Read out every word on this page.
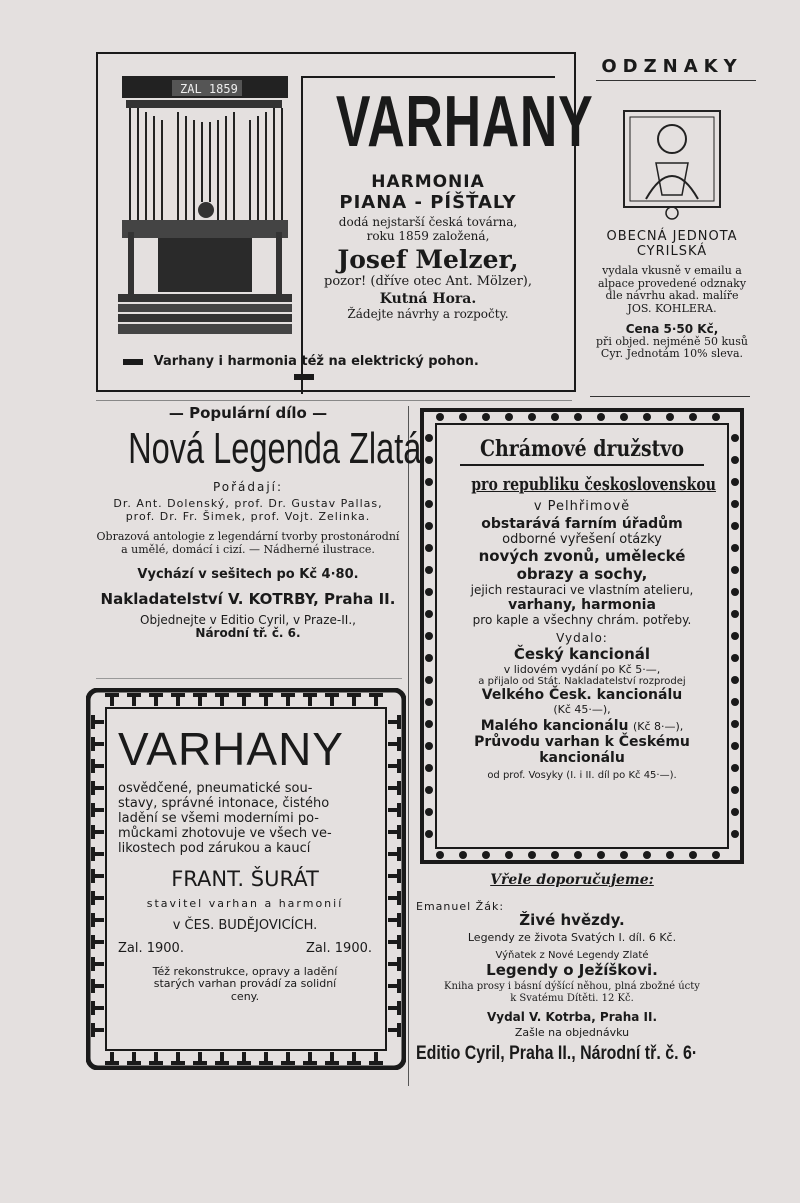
ZAL 1859 VARHANY
HARMONIA
PIANA - PÍŠŤALY
dodá nejstarší česká továrna,
roku 1859 založená,
Josef Melzer,
pozor! (dříve otec Ant. Mölzer),
Kutná Hora.
Žádejte návrhy a rozpočty.
Varhany i harmonia též na elektrický pohon.
ODZNAKY
OBECNÁ JEDNOTA
CYRILSKÁ
vydala vkusně v emailu a
alpace provedené odznaky
dle návrhu akad. malíře
JOS. KOHLERA.
Cena 5·50 Kč,
při objed. nejméně 50 kusů
Cyr. Jednotám 10% sleva.
— Populární dílo —
Nová Legenda Zlatá
Pořádají:
Dr. Ant. Dolenský, prof. Dr. Gustav Pallas,
prof. Dr. Fr. Šimek, prof. Vojt. Zelinka.
Obrazová antologie z legendární tvorby prostonárodní
a umělé, domácí i cizí. — Nádherné ilustrace.
Vychází v sešitech po Kč 4·80.
Nakladatelství V. KOTRBY, Praha II.
Objednejte v Editio Cyril, v Praze-II.,
Národní tř. č. 6.
Chrámové družstvo
pro republiku československou
v Pelhřimově
obstarává farním úřadům
odborné vyřešení otázky
nových zvonů, umělecké
obrazy a sochy,
jejich restauraci ve vlastním atelieru,
varhany, harmonia
pro kaple a všechny chrám. potřeby.
Vydalo:
Český kancionál
v lidovém vydání po Kč 5·—,
a přijalo od Stát. Nakladatelství rozprodej
Velkého Česk. kancionálu
(Kč 45·—),
Malého kancionálu (Kč 8·—),
Průvodu varhan k Českému
kancionálu
od prof. Vosyky (I. i II. díl po Kč 45·—).
VARHANY
osvědčené, pneumatické sou-
stavy, správné intonace, čistého
ladění se všemi moderními po-
můckami zhotovuje ve všech ve-
likostech pod zárukou a kaucí
FRANT. ŠURÁT
stavitel varhan a harmonií
v ČES. BUDĚJOVICÍCH.
Zal. 1900.	Zal. 1900.
Též rekonstrukce, opravy a ladění
starých varhan provádí za solidní
ceny.
Vřele doporučujeme:
Emanuel Žák:
Živé hvězdy.
Legendy ze života Svatých I. díl. 6 Kč.
Výňatek z Nové Legendy Zlaté
Legendy o Ježíškovi.
Kniha prosy i básní dýšící něhou, plná zbožné úcty
k Svatému Dítěti. 12 Kč.
Vydal V. Kotrba, Praha II.
Zašle na objednávku
Editio Cyril, Praha II., Národní tř. č. 6·
